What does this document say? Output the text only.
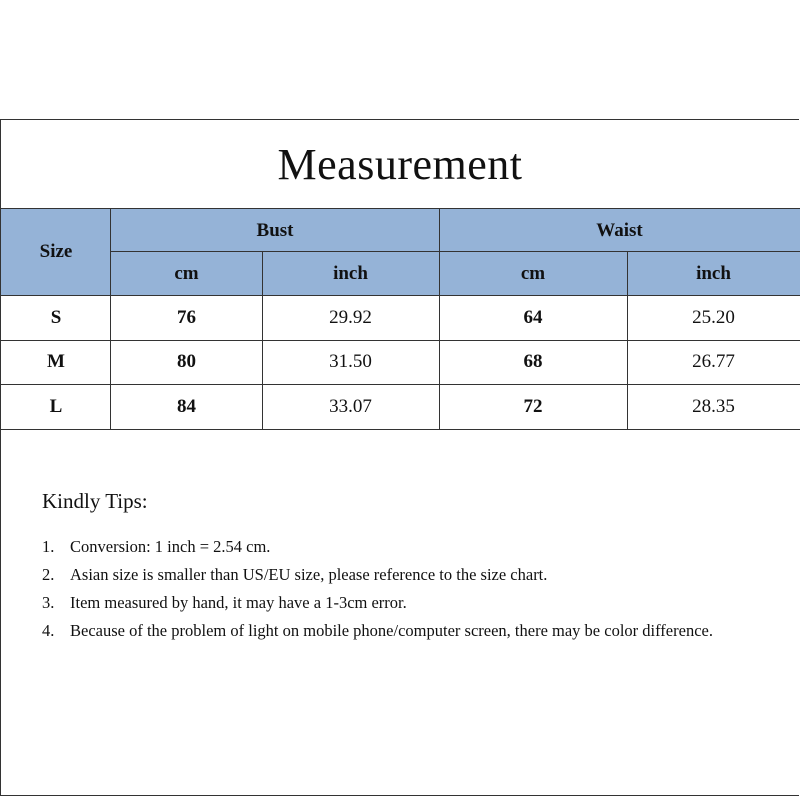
Measurement
Size
Bust	Waist
cm	inch	cm	inch
S	76	29.92	64	25.20
M	80	31.50	68	26.77
L	84	33.07	72	28.35
Kindly Tips:
1. Conversion: 1 inch = 2.54 cm.
2. Asian size is smaller than US/EU size, please reference to the size chart.
3. Item measured by hand, it may have a 1-3cm error.
4. Because of the problem of light on mobile phone/computer screen, there may be color difference.
